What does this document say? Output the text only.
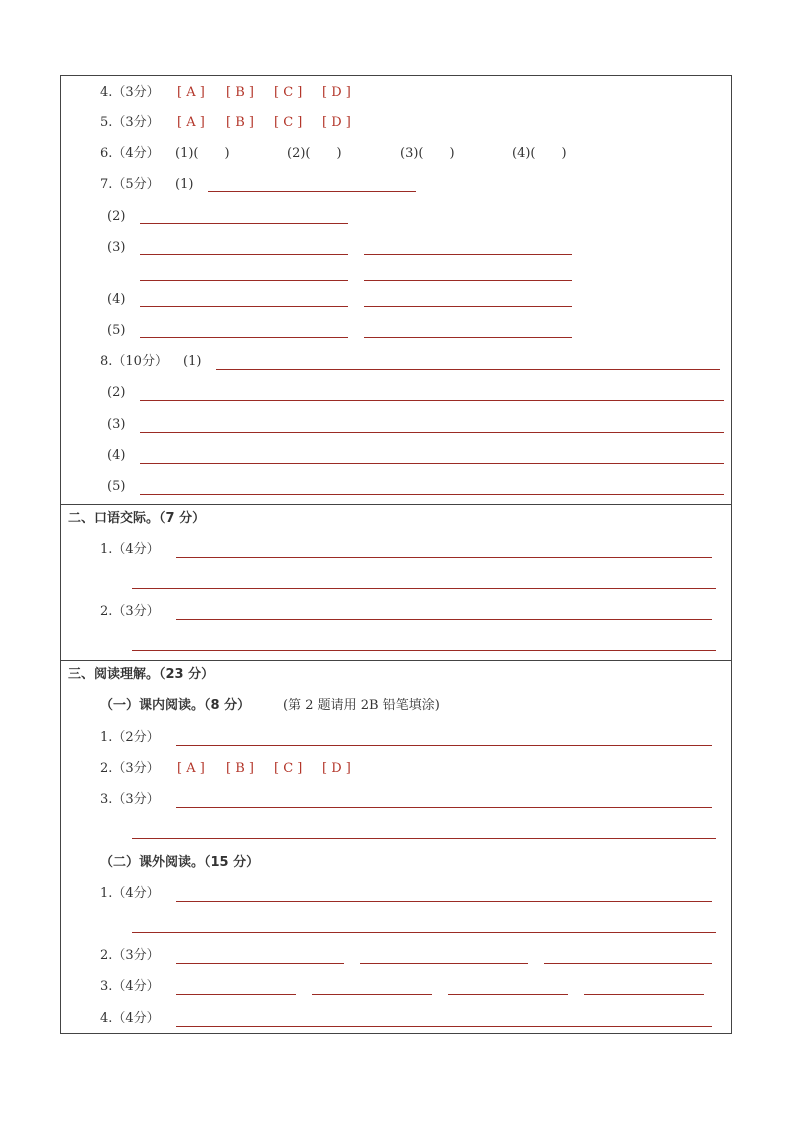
4.（3分） [ A ] [ B ] [ C ] [ D ]
5.（3分） [ A ] [ B ] [ C ] [ D ]
6.（4分） (1)(　　)	(2)(　　)	(3)(　　)	(4)(　　)
7.（5分） (1)
(2)
(3)
(4)
(5)
8.（10分） (1)
(2)
(3)
(4)
(5)
二、口语交际。（7 分）
1.（4分）
2.（3分）
三、阅读理解。（23 分）
（一）课内阅读。（8 分）	(第 2 题请用 2B 铅笔填涂)
1.（2分）
2.（3分） [ A ] [ B ] [ C ] [ D ]
3.（3分）
（二）课外阅读。（15 分）
1.（4分）
2.（3分）
3.（4分）
4.（4分）
